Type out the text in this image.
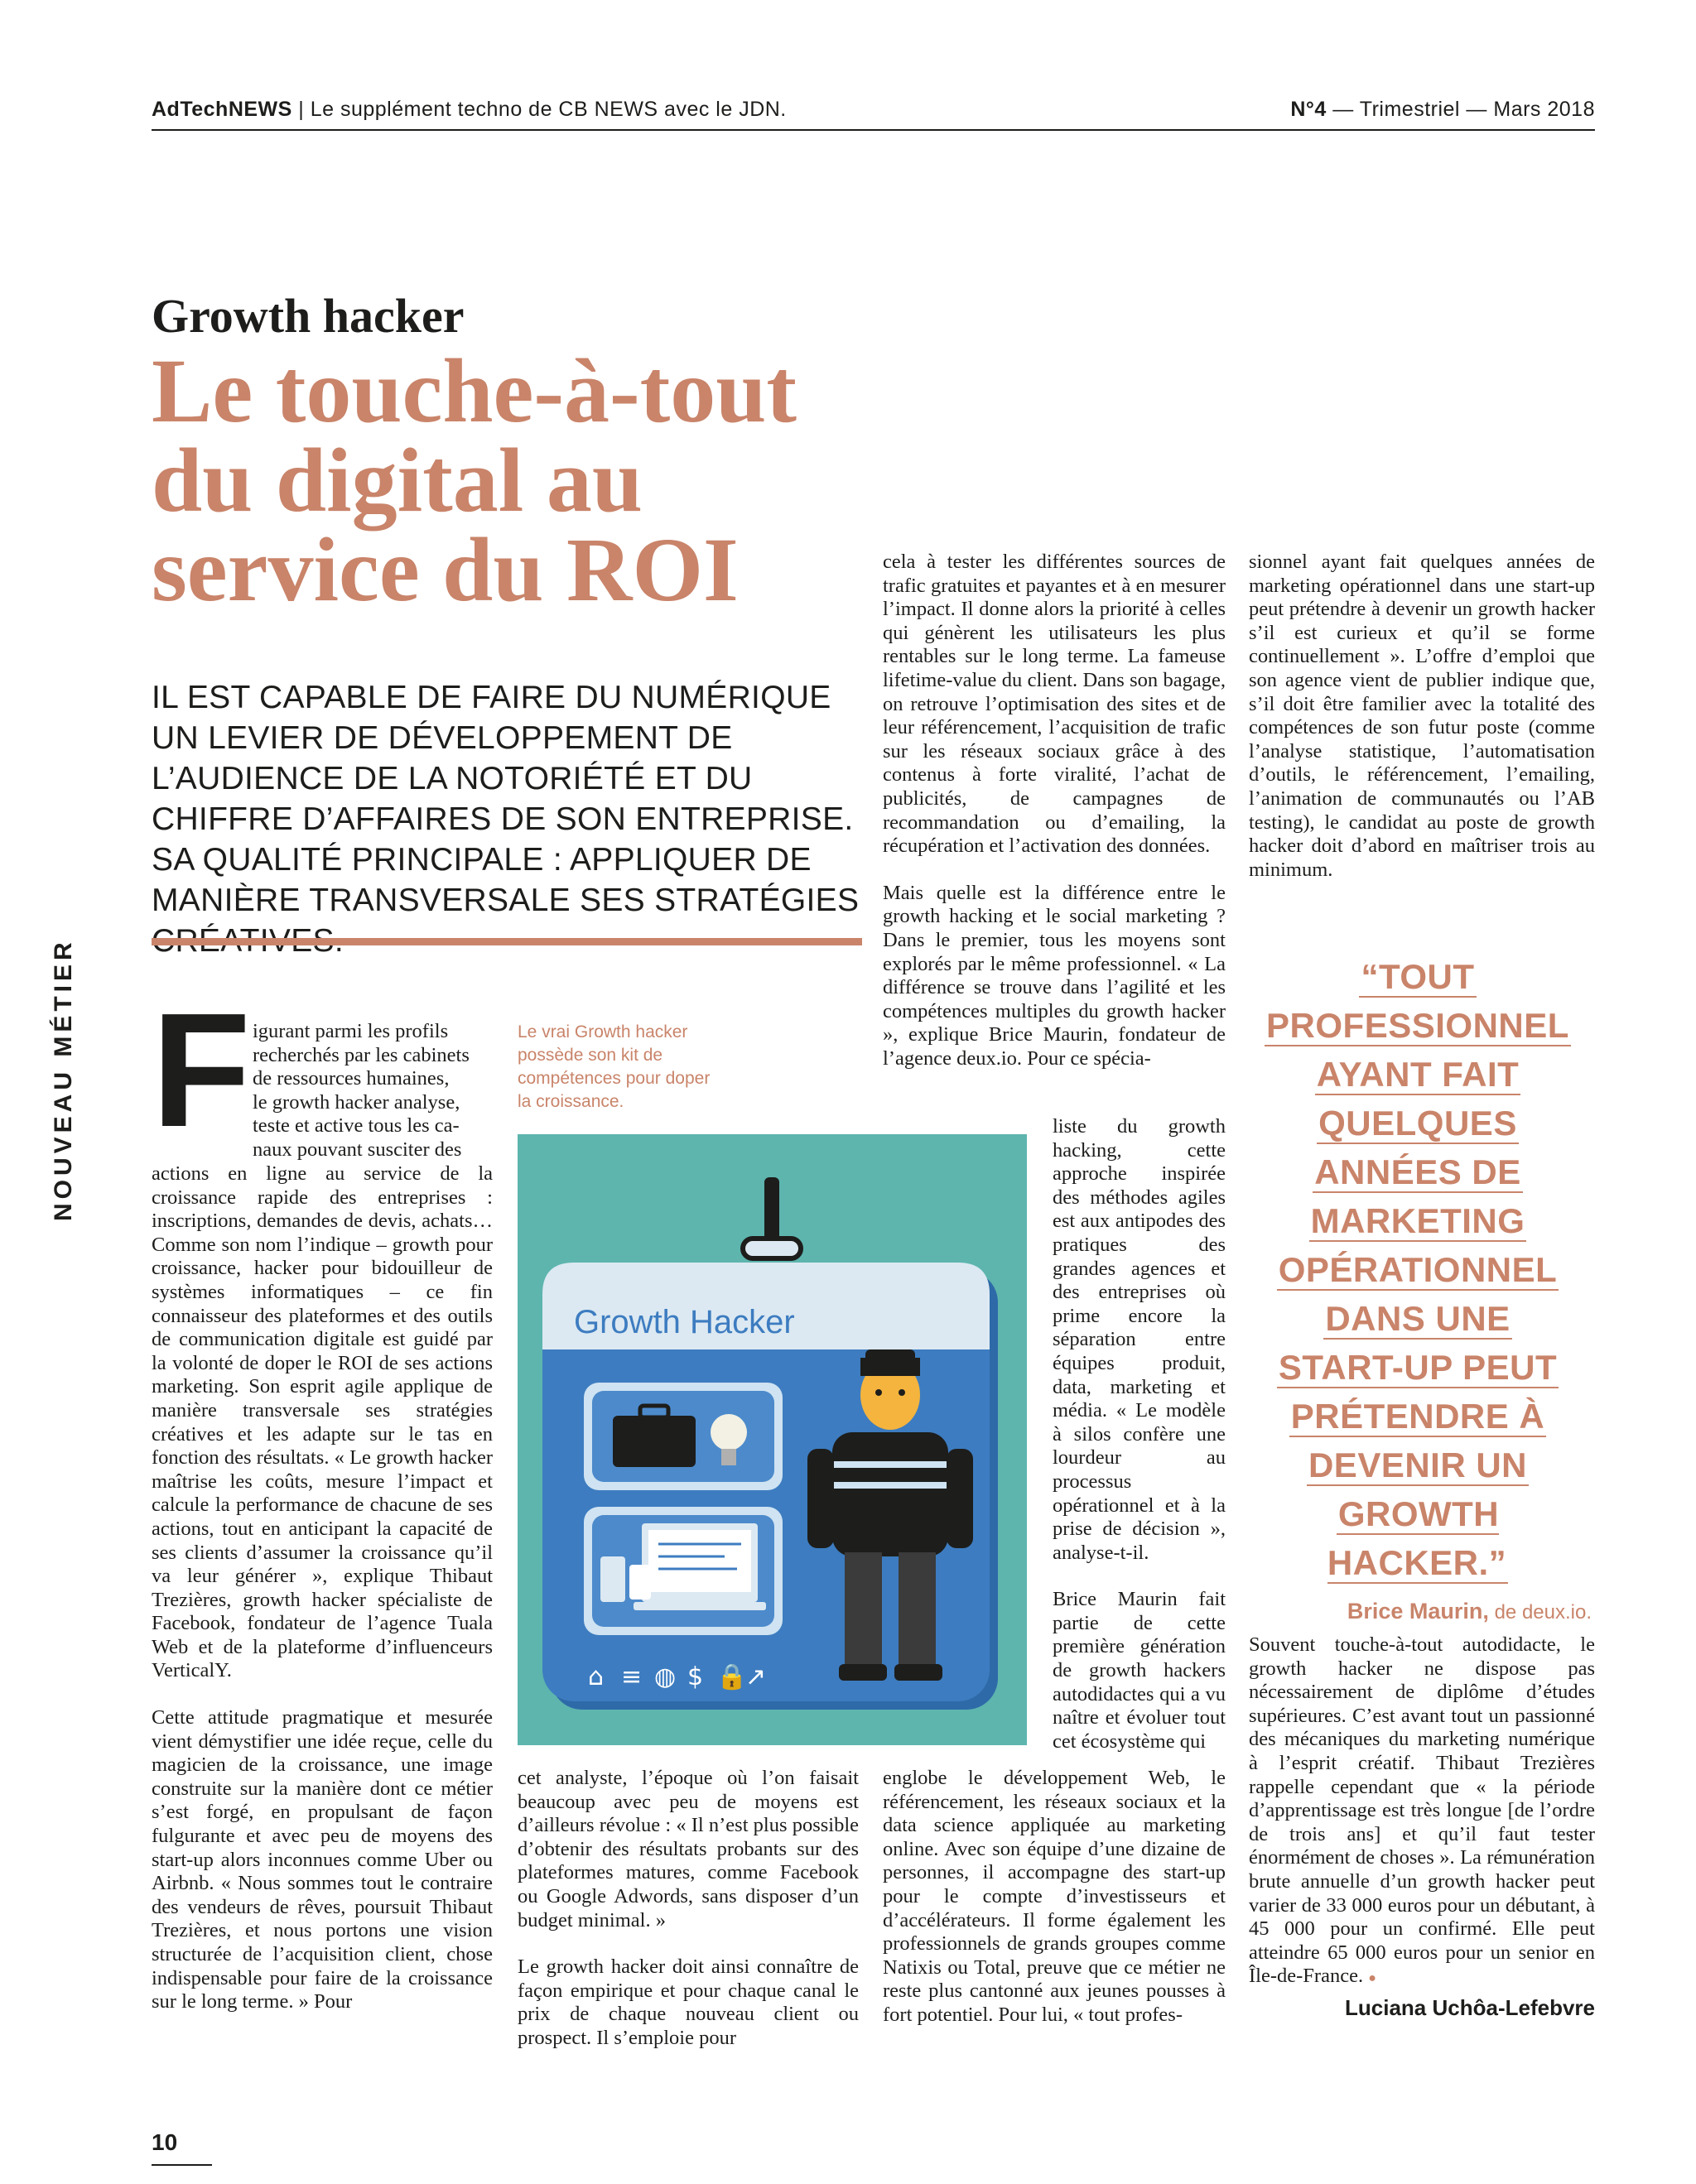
AdTechNEWS | Le supplément techno de CB NEWS avec le JDN.	N°4 — Trimestriel — Mars 2018
Growth hacker
Le touche-à-tout du digital au service du ROI
IL EST CAPABLE DE FAIRE DU NUMÉRIQUE UN LEVIER DE DÉVELOPPEMENT DE L’AUDIENCE DE LA NOTORIÉTÉ ET DU CHIFFRE D’AFFAIRES DE SON ENTREPRISE. SA QUALITÉ PRINCIPALE : APPLIQUER DE MANIÈRE TRANSVERSALE SES STRATÉGIES
NOUVEAU MÉTIER F igurant parmi les profils
recherchés par les cabinets
de ressources humaines,
le growth hacker analyse,
teste et active tous les ca-
naux pouvant susciter des

actions en ligne au service de la croissance rapide des entreprises : inscriptions, demandes de devis, achats… Comme son nom l’indique – growth pour croissance, hacker pour bidouilleur de systèmes informatiques – ce fin connaisseur des plateformes et des outils de communication digitale est guidé par la volonté de doper le ROI de ses actions marketing. Son esprit agile applique de manière transversale ses stratégies créatives et les adapte sur le tas en fonction des résultats. « Le growth hacker maîtrise les coûts, mesure l’impact et calcule la performance de chacune de ses actions, tout en anticipant la capacité de ses clients d’assumer la croissance qu’il va leur générer », explique Thibaut Trezières, growth hacker spécialiste de Facebook, fondateur de l’agence Tuala Web et de la plateforme d’influenceurs VerticalY.

Cette attitude pragmatique et mesurée vient démystifier une idée reçue, celle du magicien de la croissance, une image construite sur la manière dont ce métier s’est forgé, en propulsant de façon fulgurante et avec peu de moyens des start-up alors inconnues comme Uber ou Airbnb. « Nous sommes tout le contraire des vendeurs de rêves, poursuit Thibaut Trezières, et nous portons une vision structurée de l’acquisition client, chose indispensable pour faire de la croissance sur le long terme. » Pour

Le vrai Growth hacker possède son kit de compétences pour doper la croissance.
Growth Hacker
⌂ ≡ ◍ $ 🔒
↗

cet analyste, l’époque où l’on faisait beaucoup avec peu de moyens est d’ailleurs révolue : « Il n’est plus possible d’obtenir des résultats probants sur des plateformes matures, comme Facebook ou Google Adwords, sans disposer d’un budget minimal. »

Le growth hacker doit ainsi connaître de façon empirique et pour chaque canal le prix de chaque nouveau client ou prospect. Il s’emploie pour

cela à tester les différentes sources de trafic gratuites et payantes et à en mesurer l’impact. Il donne alors la priorité à celles qui génèrent les utilisateurs les plus rentables sur le long terme. La fameuse lifetime-value du client. Dans son bagage, on retrouve l’optimisation des sites et de leur référencement, l’acquisition de trafic sur les réseaux sociaux grâce à des contenus à forte viralité, l’achat de publicités, de campagnes de recommandation ou d’emailing, la récupération et l’activation des données.

Mais quelle est la différence entre le growth hacking et le social marketing ? Dans le premier, tous les moyens sont explorés par le même professionnel. « La différence se trouve dans l’agilité et les compétences multiples du growth hacker », explique Brice Maurin, fondateur de l’agence deux.io. Pour ce spécia-

liste du growth hacking, cette approche inspirée des méthodes agiles est aux antipodes des pratiques des grandes agences et des entreprises où prime encore la séparation entre équipes produit, data, marketing et média. « Le modèle à silos confère une lourdeur au processus opérationnel et à la prise de décision », analyse-t-il.

Brice Maurin fait partie de cette première génération de growth hackers autodidactes qui a vu naître et évoluer tout cet écosystème qui

englobe le développement Web, le référencement, les réseaux sociaux et la data science appliquée au marketing online. Avec son équipe d’une dizaine de personnes, il accompagne des start-up pour le compte d’investisseurs et d’accélérateurs. Il forme également les professionnels de grands groupes comme Natixis ou Total, preuve que ce métier ne reste plus cantonné aux jeunes pousses à fort potentiel. Pour lui, « tout profes-

sionnel ayant fait quelques années de marketing opérationnel dans une start-up peut prétendre à devenir un growth hacker s’il est curieux et qu’il se forme continuellement ». L’offre d’emploi que son agence vient de publier indique que, s’il doit être familier avec la totalité des compétences de son futur poste (comme l’analyse statistique, l’automatisation d’outils, le référencement, l’emailing, l’animation de communautés ou l’AB testing), le candidat au poste de growth hacker doit d’abord en maîtriser trois au minimum.

“TOUT
PROFESSIONNEL
AYANT FAIT
QUELQUES
ANNÉES DE
MARKETING
OPÉRATIONNEL
DANS UNE
START-UP PEUT
PRÉTENDRE À
DEVENIR UN
GROWTH HACKER.”
Brice Maurin, de deux.io.

Souvent touche-à-tout autodidacte, le growth hacker ne dispose pas nécessairement de diplôme d’études supérieures. C’est avant tout un passionné des mécaniques du marketing numérique à l’esprit créatif. Thibaut Trezières rappelle cependant que « la période d’apprentissage est très longue [de l’ordre de trois ans] et qu’il faut tester énormément de choses ». La rémunération brute annuelle d’un growth hacker peut varier de 33 000 euros pour un débutant, à 45 000 pour un confirmé. Elle peut atteindre 65 000 euros pour un senior en Île-de-France. ●

Luciana Uchôa-Lefebvre
10
